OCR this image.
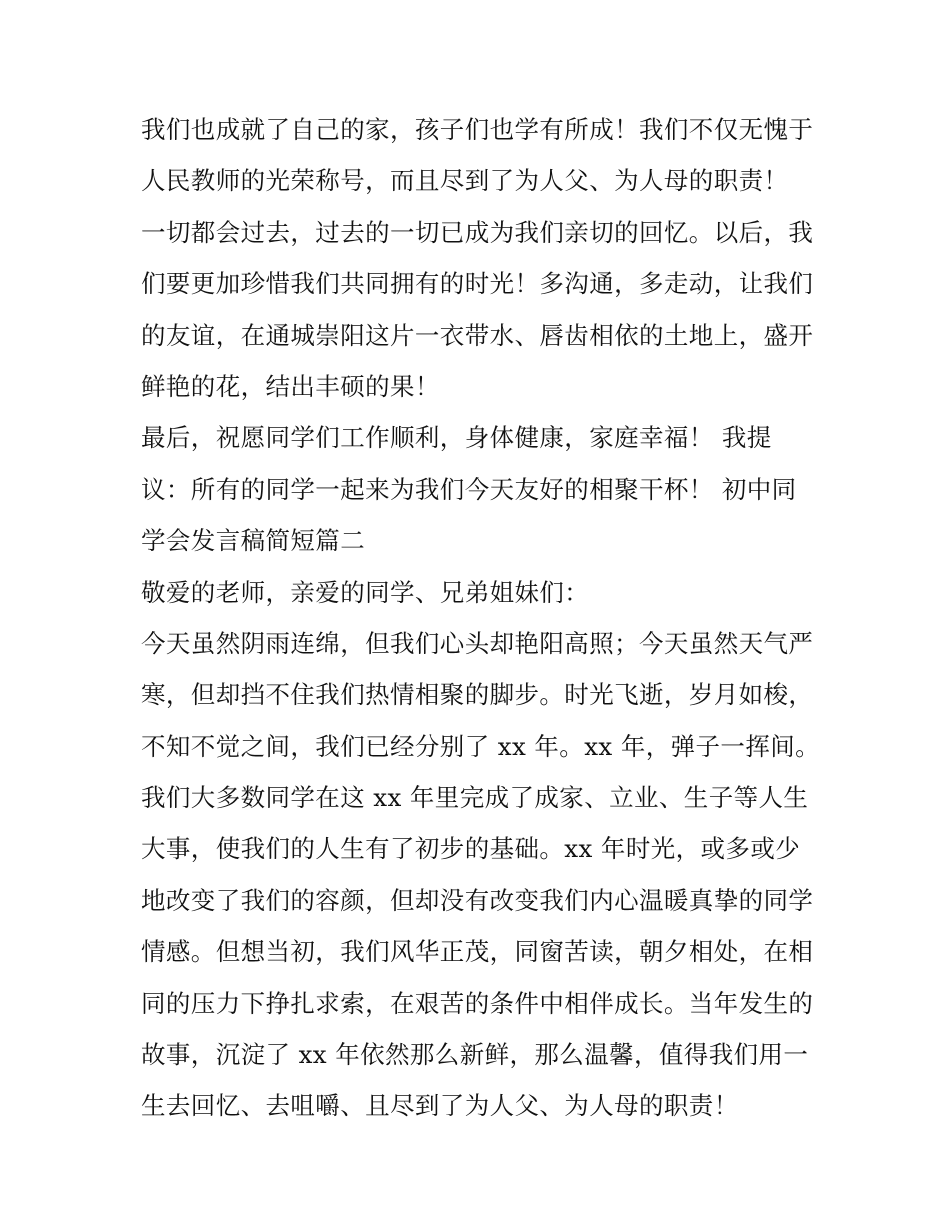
我们也成就了自己的家，孩子们也学有所成！我们不仅无愧于
人民教师的光荣称号，而且尽到了为人父、为人母的职责！
一切都会过去，过去的一切已成为我们亲切的回忆。以后，我
们要更加珍惜我们共同拥有的时光！多沟通，多走动，让我们
的友谊，在通城崇阳这片一衣带水、唇齿相依的土地上，盛开
鲜艳的花，结出丰硕的果！
最后，祝愿同学们工作顺利，身体健康，家庭幸福！ 我提
议：所有的同学一起来为我们今天友好的相聚干杯！ 初中同
学会发言稿简短篇二
敬爱的老师，亲爱的同学、兄弟姐妹们：
今天虽然阴雨连绵，但我们心头却艳阳高照；今天虽然天气严
寒，但却挡不住我们热情相聚的脚步。时光飞逝，岁月如梭，
不知不觉之间，我们已经分别了 xx 年。xx 年，弹子一挥间。
我们大多数同学在这 xx 年里完成了成家、立业、生子等人生
大事，使我们的人生有了初步的基础。xx 年时光，或多或少
地改变了我们的容颜，但却没有改变我们内心温暖真挚的同学
情感。但想当初，我们风华正茂，同窗苦读，朝夕相处，在相
同的压力下挣扎求索，在艰苦的条件中相伴成长。当年发生的
故事，沉淀了 xx 年依然那么新鲜，那么温馨，值得我们用一
生去回忆、去咀嚼、且尽到了为人父、为人母的职责！
